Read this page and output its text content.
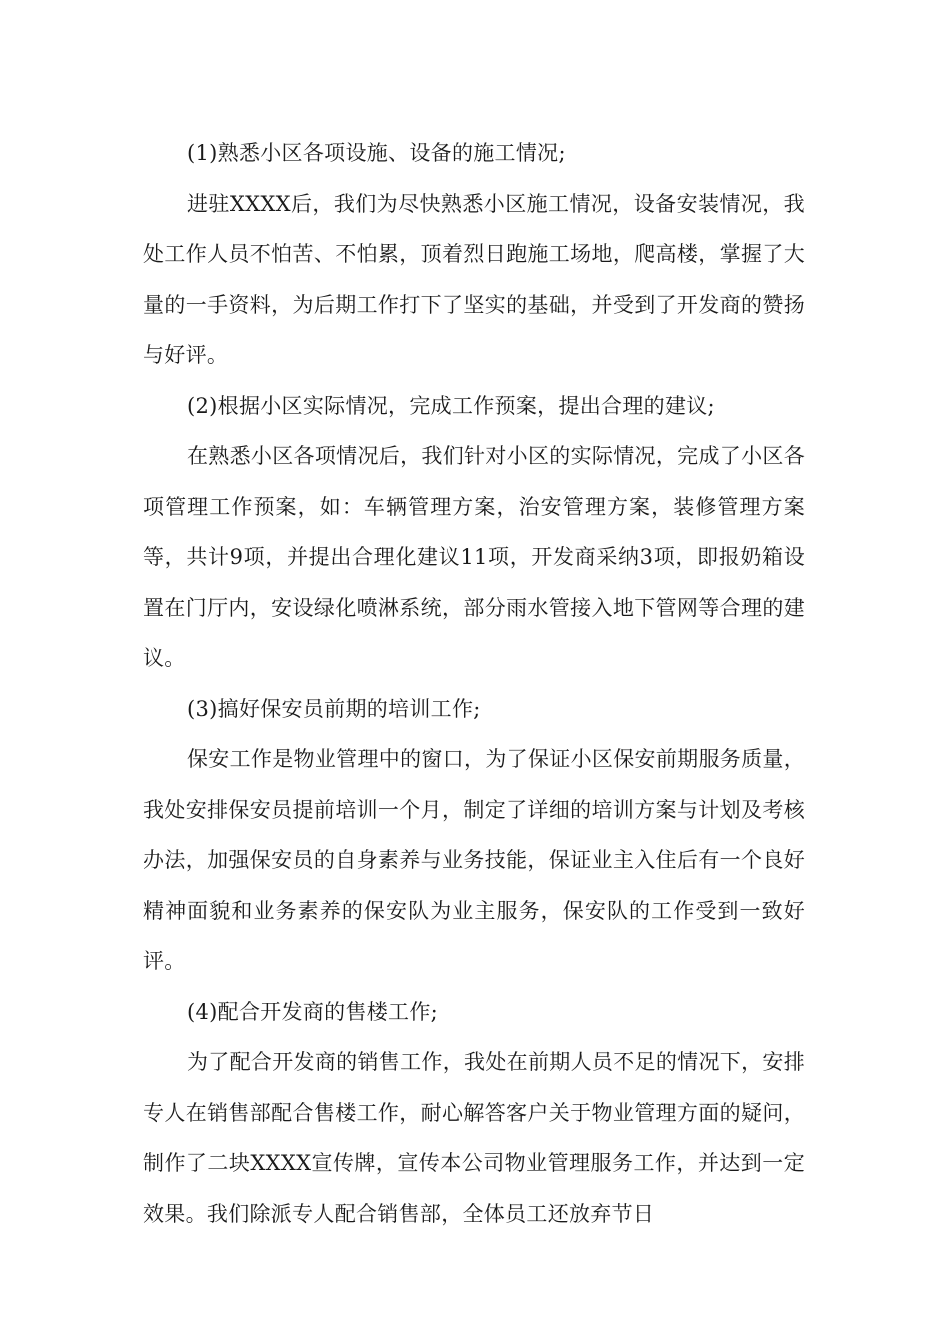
(1)熟悉小区各项设施、设备的施工情况;

进驻XXXX后，我们为尽快熟悉小区施工情况，设备安装情况，我处工作人员不怕苦、不怕累，顶着烈日跑施工场地，爬高楼，掌握了大量的一手资料，为后期工作打下了坚实的基础，并受到了开发商的赞扬与好评。

(2)根据小区实际情况，完成工作预案，提出合理的建议;

在熟悉小区各项情况后，我们针对小区的实际情况，完成了小区各项管理工作预案，如：车辆管理方案，治安管理方案，装修管理方案等，共计9项，并提出合理化建议11项，开发商采纳3项，即报奶箱设置在门厅内，安设绿化喷淋系统，部分雨水管接入地下管网等合理的建议。

(3)搞好保安员前期的培训工作;

保安工作是物业管理中的窗口，为了保证小区保安前期服务质量，我处安排保安员提前培训一个月，制定了详细的培训方案与计划及考核办法，加强保安员的自身素养与业务技能，保证业主入住后有一个良好精神面貌和业务素养的保安队为业主服务，保安队的工作受到一致好评。

(4)配合开发商的售楼工作;

为了配合开发商的销售工作，我处在前期人员不足的情况下，安排专人在销售部配合售楼工作，耐心解答客户关于物业管理方面的疑问，制作了二块XXXX宣传牌，宣传本公司物业管理服务工作，并达到一定效果。我们除派专人配合销售部，全体员工还放弃节日
